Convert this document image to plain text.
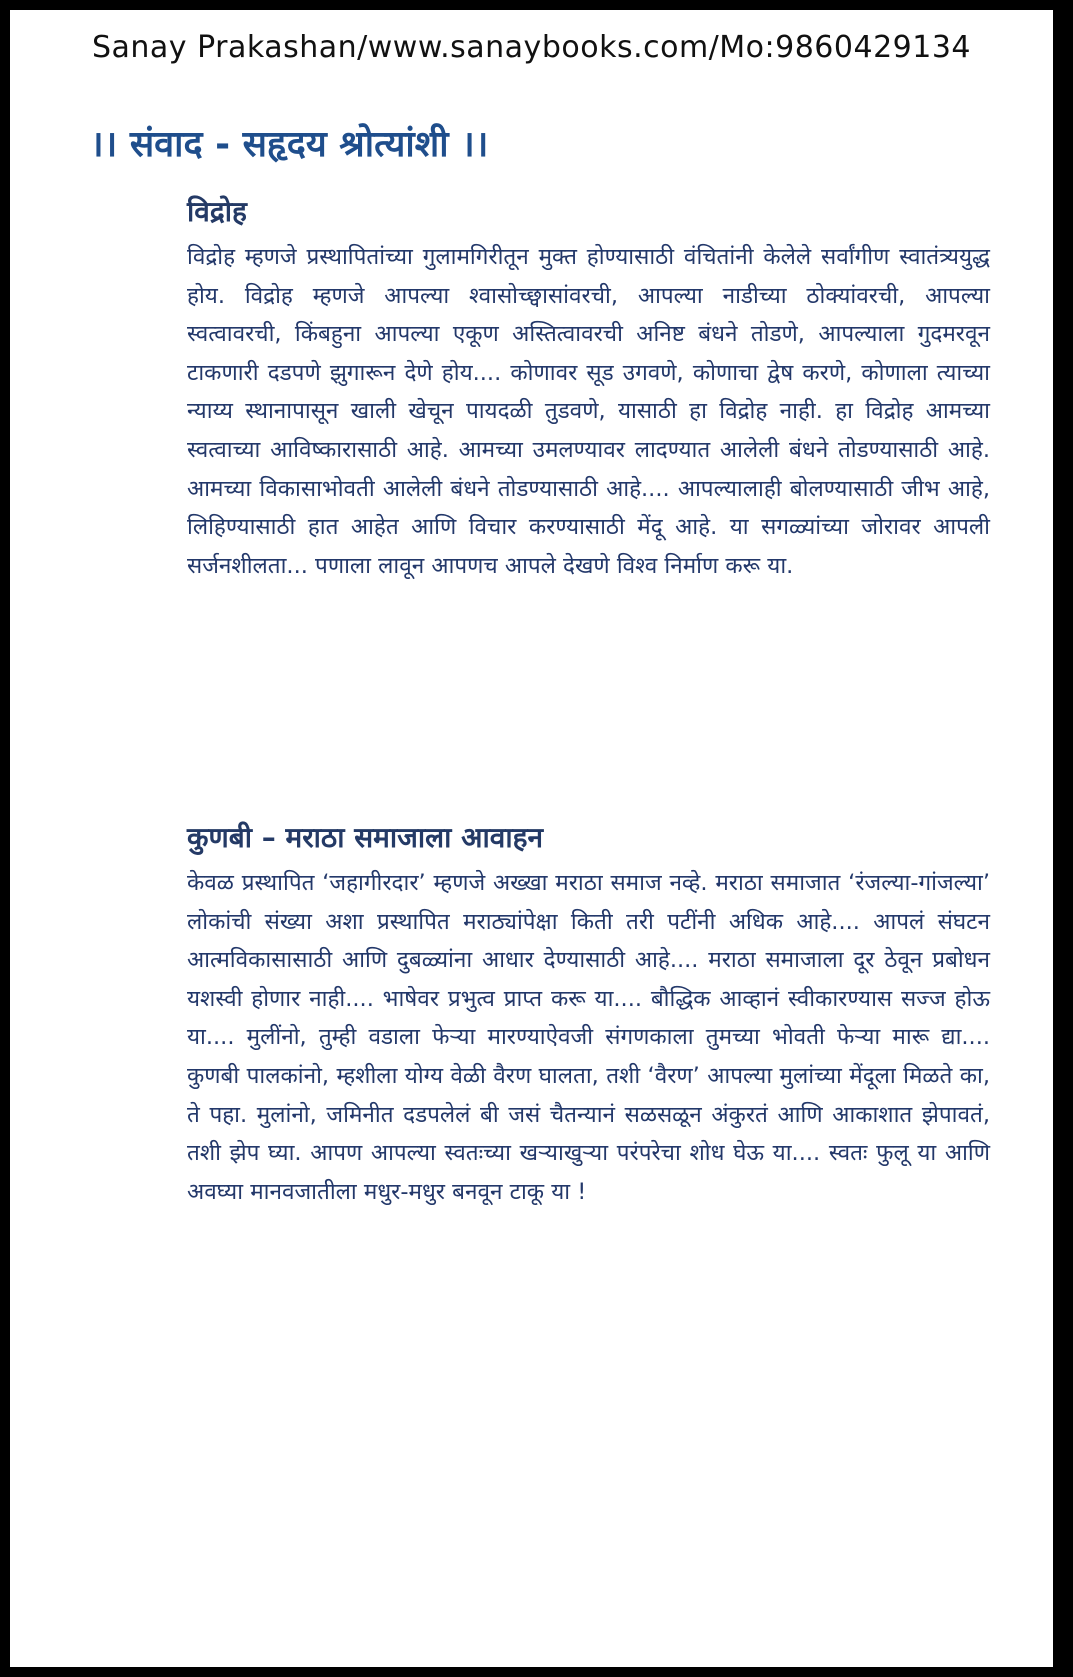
Sanay Prakashan/www.sanaybooks.com/Mo:9860429134
।। संवाद - सहृदय श्रोत्यांशी ।।
विद्रोह

विद्रोह म्हणजे प्रस्थापितांच्या गुलामगिरीतून मुक्त होण्यासाठी वंचितांनी केलेले सर्वांगीण स्वातंत्र्ययुद्ध होय. विद्रोह म्हणजे आपल्या श्वासोच्छ्वासांवरची, आपल्या नाडीच्या ठोक्यांवरची, आपल्या स्वत्वावरची, किंबहुना आपल्या एकूण अस्तित्वावरची अनिष्ट बंधने तोडणे, आपल्याला गुदमरवून टाकणारी दडपणे झुगारून देणे होय.... कोणावर सूड उगवणे, कोणाचा द्वेष करणे, कोणाला त्याच्या न्याय्य स्थानापासून खाली खेचून पायदळी तुडवणे, यासाठी हा विद्रोह नाही. हा विद्रोह आमच्या स्वत्वाच्या आविष्कारासाठी आहे. आमच्या उमलण्यावर लादण्यात आलेली बंधने तोडण्यासाठी आहे. आमच्या विकासाभोवती आलेली बंधने तोडण्यासाठी आहे.... आपल्यालाही बोलण्यासाठी जीभ आहे, लिहिण्यासाठी हात आहेत आणि विचार करण्यासाठी मेंदू आहे. या सगळ्यांच्या जोरावर आपली सर्जनशीलता... पणाला लावून आपणच आपले देखणे विश्व निर्माण करू या.

कुणबी – मराठा समाजाला आवाहन

केवळ प्रस्थापित ‘जहागीरदार’ म्हणजे अख्खा मराठा समाज नव्हे. मराठा समाजात ‘रंजल्या-गांजल्या’ लोकांची संख्या अशा प्रस्थापित मराठ्यांपेक्षा किती तरी पटींनी अधिक आहे.... आपलं संघटन आत्मविकासासाठी आणि दुबळ्यांना आधार देण्यासाठी आहे.... मराठा समाजाला दूर ठेवून प्रबोधन यशस्वी होणार नाही.... भाषेवर प्रभुत्व प्राप्त करू या.... बौद्धिक आव्हानं स्वीकारण्यास सज्ज होऊ या.... मुलींनो, तुम्ही वडाला फेऱ्या मारण्याऐवजी संगणकाला तुमच्या भोवती फेऱ्या मारू द्या.... कुणबी पालकांनो, म्हशीला योग्य वेळी वैरण घालता, तशी ‘वैरण’ आपल्या मुलांच्या मेंदूला मिळते का, ते पहा. मुलांनो, जमिनीत दडपलेलं बी जसं चैतन्यानं सळसळून अंकुरतं आणि आकाशात झेपावतं, तशी झेप घ्या. आपण आपल्या स्वतःच्या खऱ्याखुऱ्या परंपरेचा शोध घेऊ या.... स्वतः फुलू या आणि अवघ्या मानवजातीला मधुर-मधुर बनवून टाकू या !
